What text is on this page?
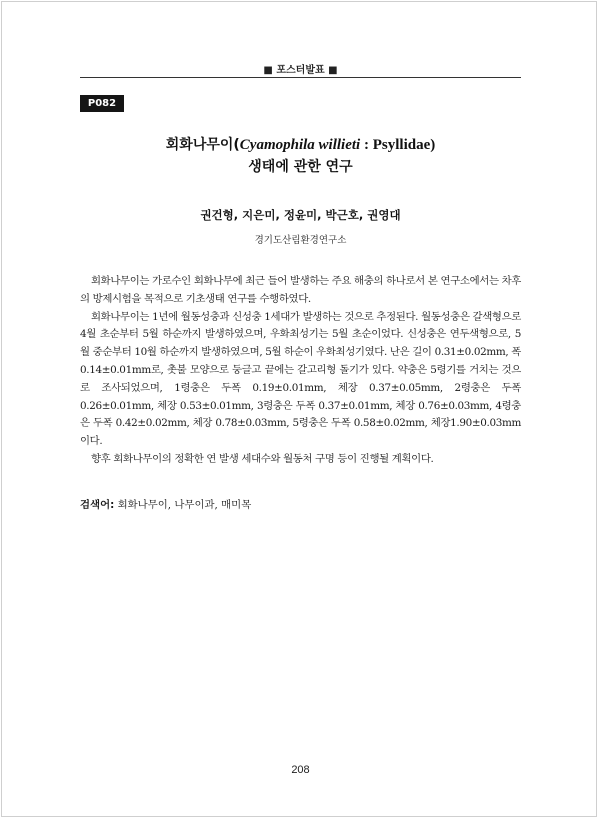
■ 포스터발표 ■
P082
회화나무이(Cyamophila willieti : Psyllidae)
생태에 관한 연구
권건형, 지은미, 정윤미, 박근호, 권영대
경기도산림환경연구소

회화나무이는 가로수인 회화나무에 최근 들어 발생하는 주요 해충의 하나로서 본 연구소에서는 차후의 방제시험을 목적으로 기초생태 연구를 수행하였다.

회화나무이는 1년에 월동성충과 신성충 1세대가 발생하는 것으로 추정된다. 월동성충은 갈색형으로 4월 초순부터 5월 하순까지 발생하였으며, 우화최성기는 5월 초순이었다. 신성충은 연두색형으로, 5월 중순부터 10월 하순까지 발생하였으며, 5월 하순이 우화최성기였다. 난은 길이 0.31±0.02mm, 폭 0.14±0.01mm로, 촛불 모양으로 둥글고 끝에는 갈고리형 돌기가 있다. 약충은 5령기를 거치는 것으로 조사되었으며, 1령충은 두폭 0.19±0.01mm, 체장 0.37±0.05mm, 2령충은 두폭 0.26±0.01mm, 체장 0.53±0.01mm, 3령충은 두폭 0.37±0.01mm, 체장 0.76±0.03mm, 4령충은 두폭 0.42±0.02mm, 체장 0.78±0.03mm, 5령충은 두폭 0.58±0.02mm, 체장1.90±0.03mm이다.

향후 회화나무이의 정확한 연 발생 세대수와 월동처 구명 등이 진행될 계획이다.

검색어: 회화나무이, 나무이과, 매미목
208
